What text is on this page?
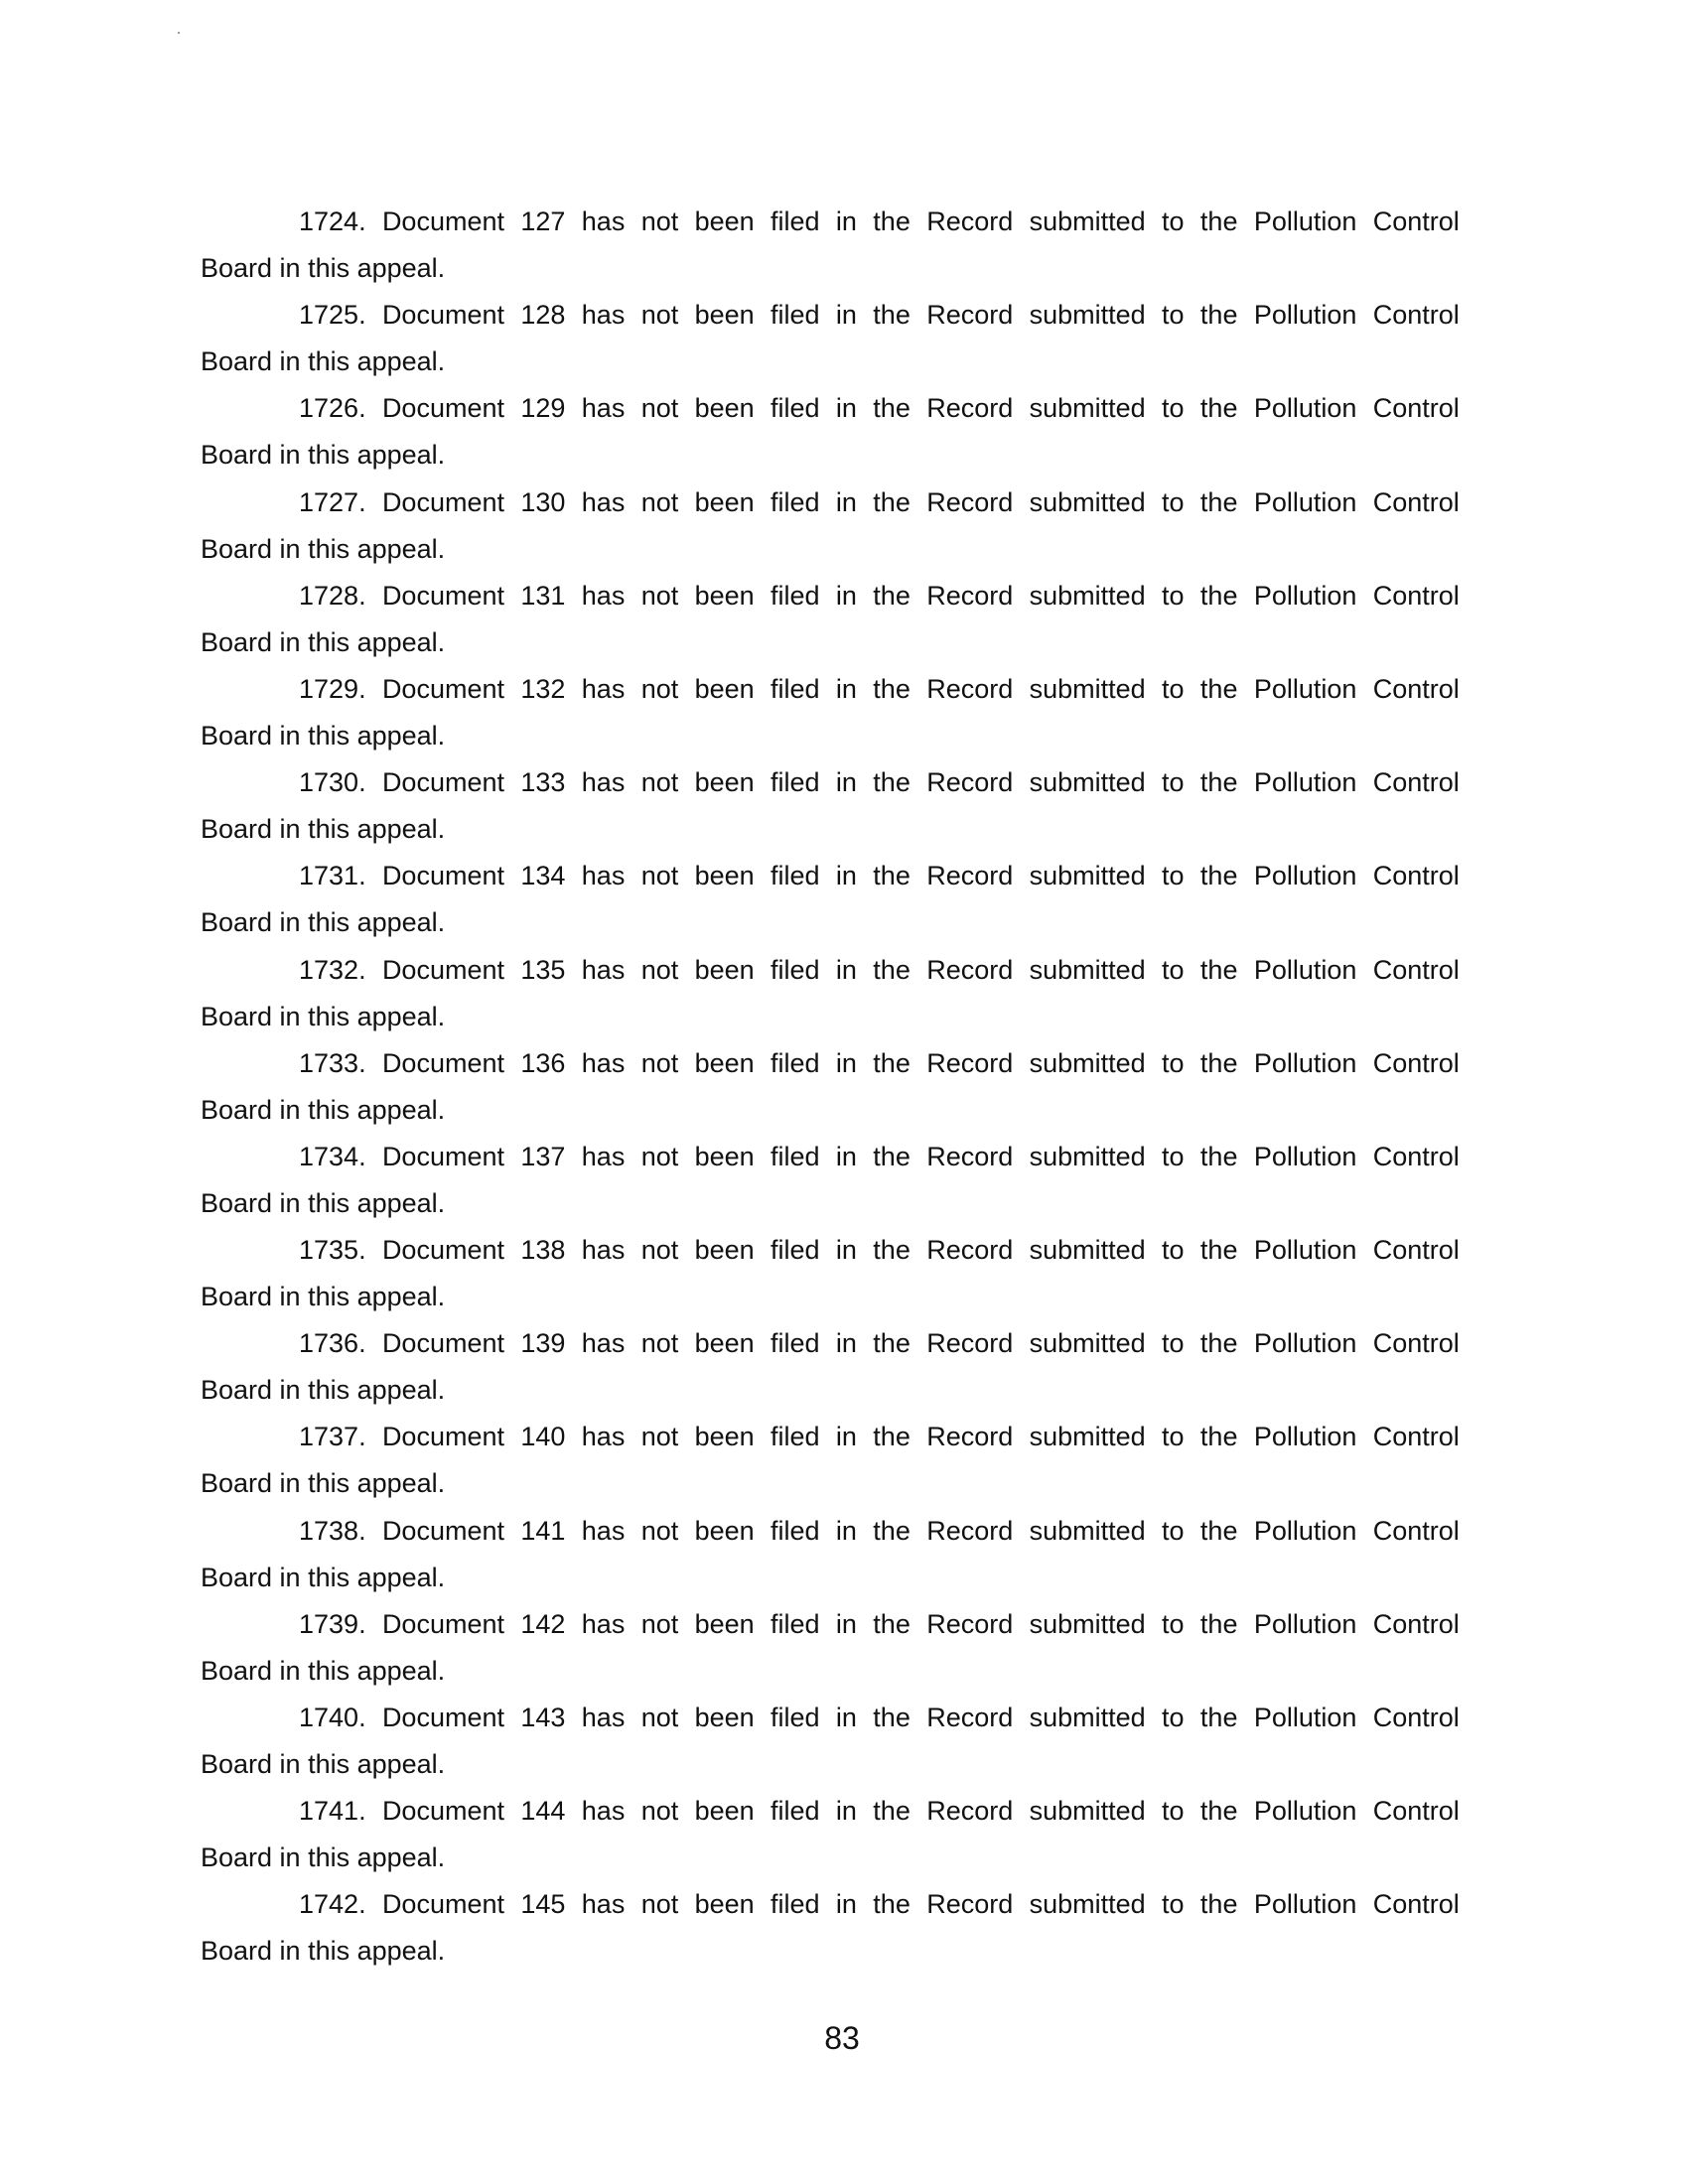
1724. Document 127 has not been filed in the Record submitted to the Pollution Control
Board in this appeal.
1725. Document 128 has not been filed in the Record submitted to the Pollution Control
Board in this appeal.
1726. Document 129 has not been filed in the Record submitted to the Pollution Control
Board in this appeal.
1727. Document 130 has not been filed in the Record submitted to the Pollution Control
Board in this appeal.
1728. Document 131 has not been filed in the Record submitted to the Pollution Control
Board in this appeal.
1729. Document 132 has not been filed in the Record submitted to the Pollution Control
Board in this appeal.
1730. Document 133 has not been filed in the Record submitted to the Pollution Control
Board in this appeal.
1731. Document 134 has not been filed in the Record submitted to the Pollution Control
Board in this appeal.
1732. Document 135 has not been filed in the Record submitted to the Pollution Control
Board in this appeal.
1733. Document 136 has not been filed in the Record submitted to the Pollution Control
Board in this appeal.
1734. Document 137 has not been filed in the Record submitted to the Pollution Control
Board in this appeal.
1735. Document 138 has not been filed in the Record submitted to the Pollution Control
Board in this appeal.
1736. Document 139 has not been filed in the Record submitted to the Pollution Control
Board in this appeal.
1737. Document 140 has not been filed in the Record submitted to the Pollution Control
Board in this appeal.
1738. Document 141 has not been filed in the Record submitted to the Pollution Control
Board in this appeal.
1739. Document 142 has not been filed in the Record submitted to the Pollution Control
Board in this appeal.
1740. Document 143 has not been filed in the Record submitted to the Pollution Control
Board in this appeal.
1741. Document 144 has not been filed in the Record submitted to the Pollution Control
Board in this appeal.
1742. Document 145 has not been filed in the Record submitted to the Pollution Control
Board in this appeal.
83
